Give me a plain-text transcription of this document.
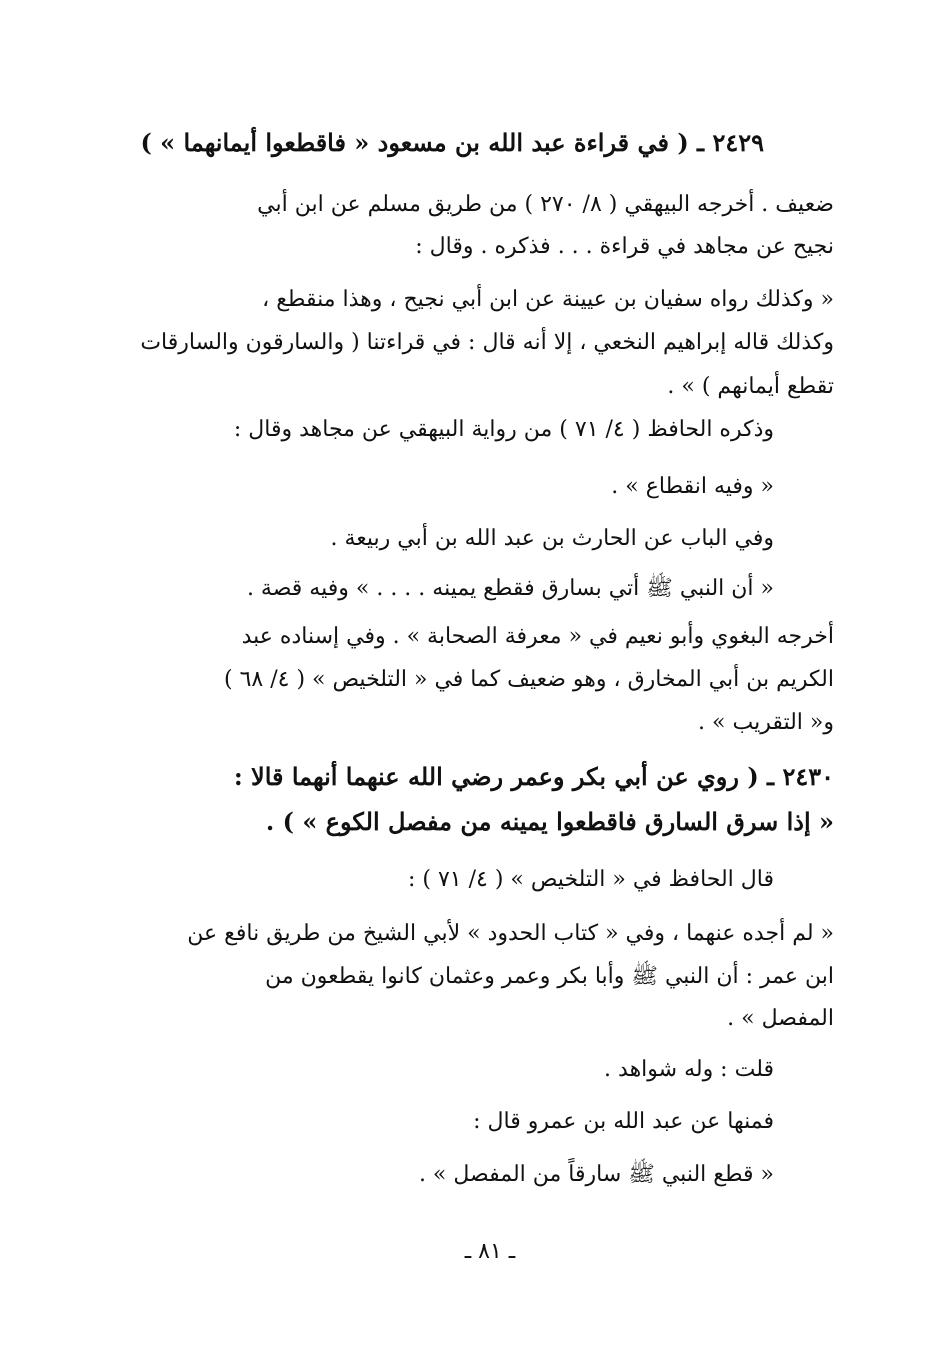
٢٤٢٩ ـ ( في قراءة عبد الله بن مسعود « فاقطعوا أيمانهما » )
ضعيف . أخرجه البيهقي ( ٨/ ٢٧٠ ) من طريق مسلم عن ابن أبي
نجيح عن مجاهد في قراءة . . . فذكره . وقال :
« وكذلك رواه سفيان بن عيينة عن ابن أبي نجيح ، وهذا منقطع ،
وكذلك قاله إبراهيم النخعي ، إلا أنه قال : في قراءتنا ( والسارقون والسارقات
تقطع أيمانهم ) » .
وذكره الحافظ ( ٤/ ٧١ ) من رواية البيهقي عن مجاهد وقال :
« وفيه انقطاع » .
وفي الباب عن الحارث بن عبد الله بن أبي ربيعة .
« أن النبي ﷺ أتي بسارق فقطع يمينه . . . . » وفيه قصة .
أخرجه البغوي وأبو نعيم في « معرفة الصحابة » . وفي إسناده عبد
الكريم بن أبي المخارق ، وهو ضعيف كما في « التلخيص » ( ٤/ ٦٨ )
و« التقريب » .
٢٤٣٠ ـ ( روي عن أبي بكر وعمر رضي الله عنهما أنهما قالا :
« إذا سرق السارق فاقطعوا يمينه من مفصل الكوع » ) .
قال الحافظ في « التلخيص » ( ٤/ ٧١ ) :
« لم أجده عنهما ، وفي « كتاب الحدود » لأبي الشيخ من طريق نافع عن
ابن عمر : أن النبي ﷺ وأبا بكر وعمر وعثمان كانوا يقطعون من
المفصل » .
قلت : وله شواهد .
فمنها عن عبد الله بن عمرو قال :
« قطع النبي ﷺ سارقاً من المفصل » .
ـ ٨١ ـ
